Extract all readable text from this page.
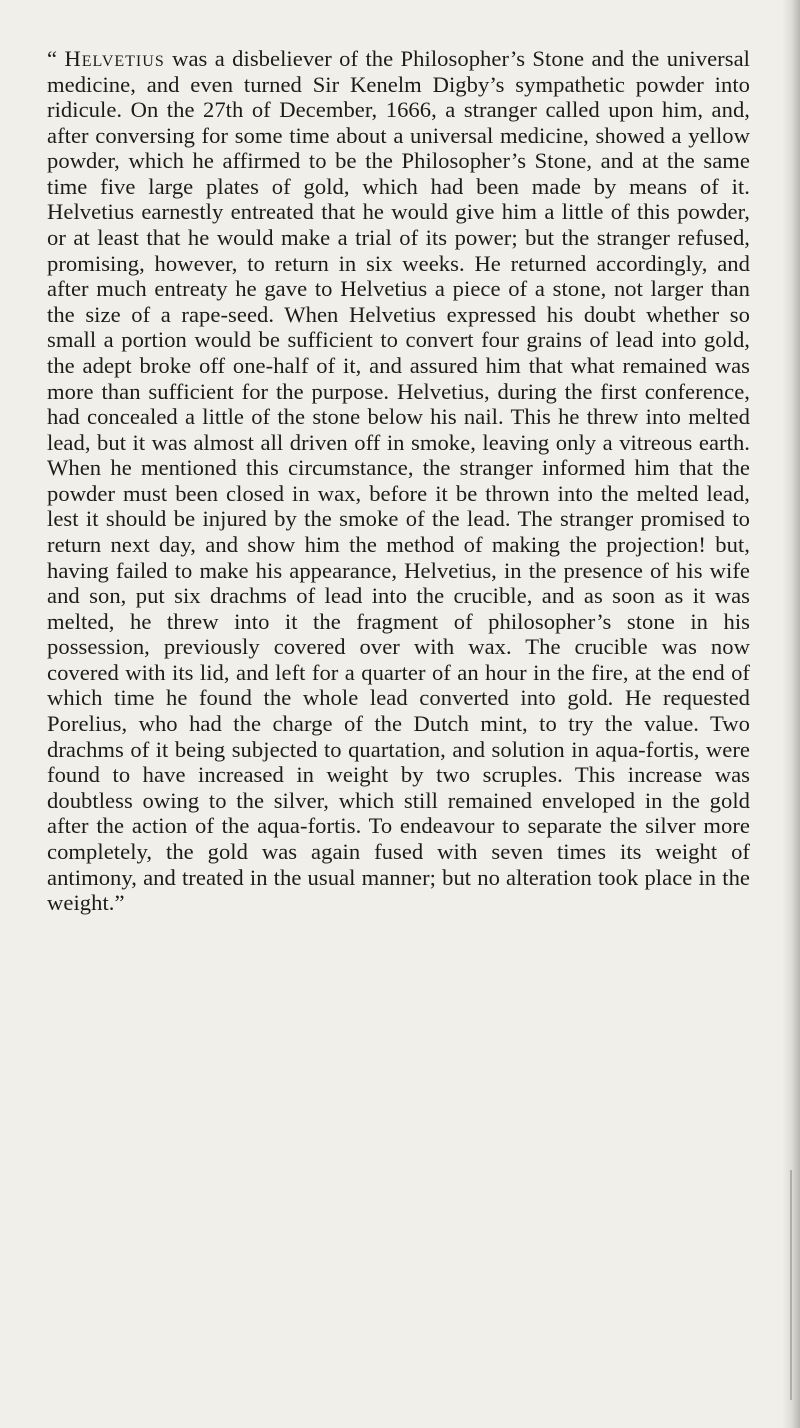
“ Helvetius was a disbeliever of the Philosopher’s Stone and the universal medicine, and even turned Sir Kenelm Digby’s sympathetic powder into ridicule. On the 27th of December, 1666, a stranger called upon him, and, after conversing for some time about a universal medicine, showed a yellow powder, which he affirmed to be the Philosopher’s Stone, and at the same time five large plates of gold, which had been made by means of it. Helvetius earnestly entreated that he would give him a little of this powder, or at least that he would make a trial of its power; but the stranger refused, promising, however, to return in six weeks. He returned accordingly, and after much entreaty he gave to Helvetius a piece of a stone, not larger than the size of a rape-seed. When Helvetius expressed his doubt whether so small a portion would be sufficient to convert four grains of lead into gold, the adept broke off one-half of it, and assured him that what remained was more than sufficient for the purpose. Helvetius, during the first conference, had concealed a little of the stone below his nail. This he threw into melted lead, but it was almost all driven off in smoke, leaving only a vitreous earth. When he mentioned this circumstance, the stranger informed him that the powder must been closed in wax, before it be thrown into the melted lead, lest it should be injured by the smoke of the lead. The stranger promised to return next day, and show him the method of making the projection! but, having failed to make his appearance, Helvetius, in the presence of his wife and son, put six drachms of lead into the crucible, and as soon as it was melted, he threw into it the fragment of philosopher’s stone in his possession, previously covered over with wax. The crucible was now covered with its lid, and left for a quarter of an hour in the fire, at the end of which time he found the whole lead converted into gold. He requested Porelius, who had the charge of the Dutch mint, to try the value. Two drachms of it being subjected to quartation, and solution in aqua-fortis, were found to have increased in weight by two scruples. This increase was doubtless owing to the silver, which still remained enveloped in the gold after the action of the aqua-fortis. To endeavour to separate the silver more completely, the gold was again fused with seven times its weight of antimony, and treated in the usual manner; but no alteration took place in the weight.”
